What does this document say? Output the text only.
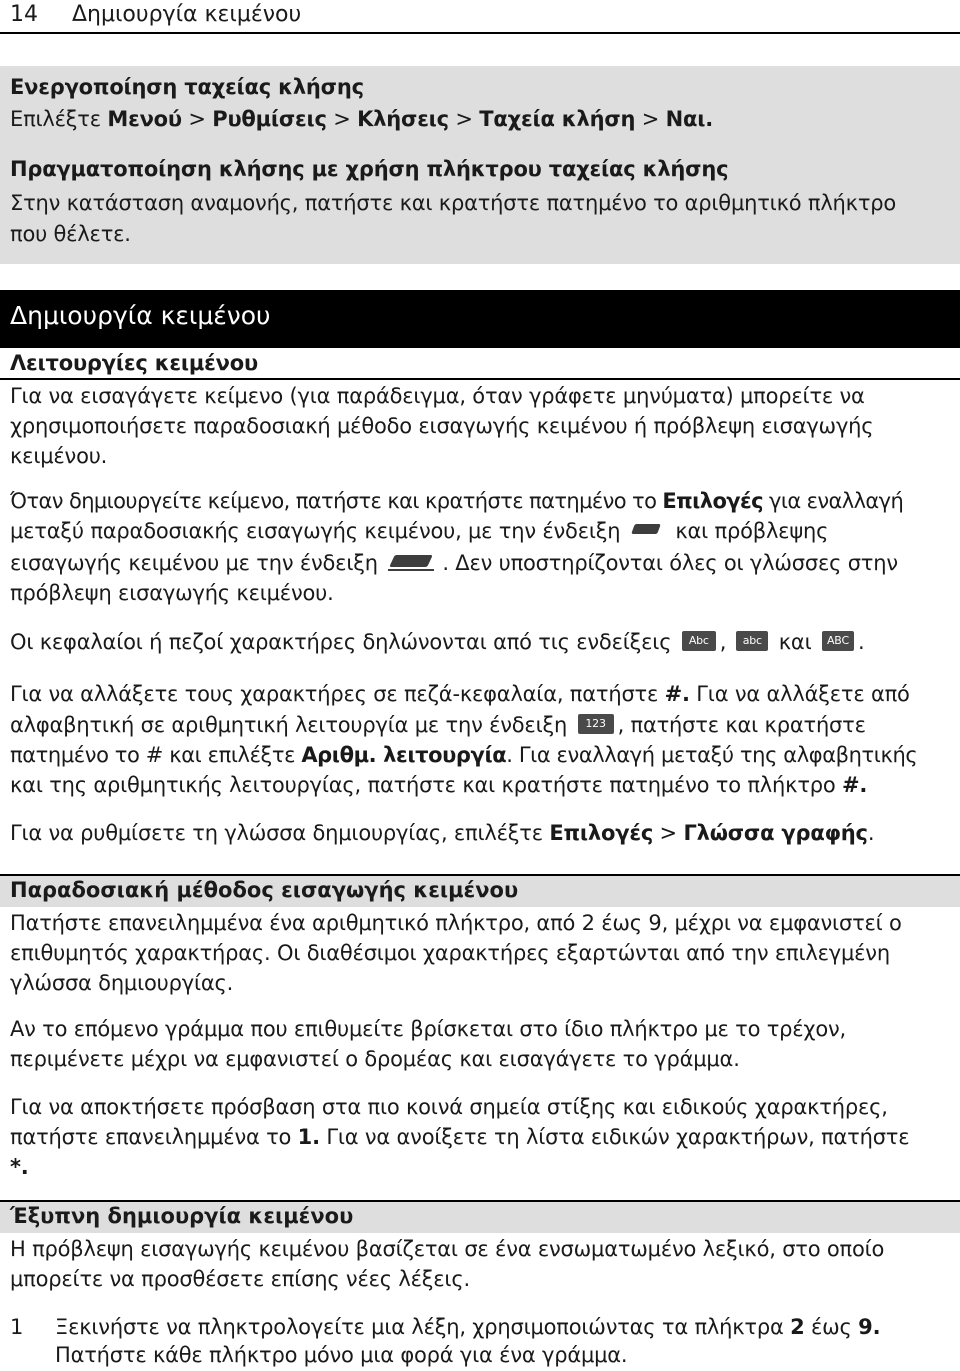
14 Δημιουργία κειμένου
Ενεργοποίηση ταχείας κλήσης
Επιλέξτε Μενού > Ρυθμίσεις > Κλήσεις > Ταχεία κλήση > Ναι.
Πραγματοποίηση κλήσης με χρήση πλήκτρου ταχείας κλήσης
Στην κατάσταση αναμονής, πατήστε και κρατήστε πατημένο το αριθμητικό πλήκτρο
που θέλετε.
Δημιουργία κειμένου
Λειτουργίες κειμένου
Για να εισαγάγετε κείμενο (για παράδειγμα, όταν γράφετε μηνύματα) μπορείτε να
χρησιμοποιήσετε παραδοσιακή μέθοδο εισαγωγής κειμένου ή πρόβλεψη εισαγωγής
κειμένου.
Όταν δημιουργείτε κείμενο, πατήστε και κρατήστε πατημένο το Επιλογές για εναλλαγή
μεταξύ παραδοσιακής εισαγωγής κειμένου, με την ένδειξη  και πρόβλεψης
εισαγωγής κειμένου με την ένδειξη	. Δεν υποστηρίζονται όλες οι γλώσσες στην
πρόβλεψη εισαγωγής κειμένου.
Οι κεφαλαίοι ή πεζοί χαρακτήρες δηλώνονται από τις ενδείξεις Abc , abc και ABC .
Για να αλλάξετε τους χαρακτήρες σε πεζά-κεφαλαία, πατήστε #. Για να αλλάξετε από
αλφαβητική σε αριθμητική λειτουργία με την ένδειξη 123 , πατήστε και κρατήστε
πατημένο το # και επιλέξτε Αριθμ. λειτουργία. Για εναλλαγή μεταξύ της αλφαβητικής
και της αριθμητικής λειτουργίας, πατήστε και κρατήστε πατημένο το πλήκτρο #.
Για να ρυθμίσετε τη γλώσσα δημιουργίας, επιλέξτε Επιλογές > Γλώσσα γραφής.
Παραδοσιακή μέθοδος εισαγωγής κειμένου
Πατήστε επανειλημμένα ένα αριθμητικό πλήκτρο, από 2 έως 9, μέχρι να εμφανιστεί ο
επιθυμητός χαρακτήρας. Οι διαθέσιμοι χαρακτήρες εξαρτώνται από την επιλεγμένη
γλώσσα δημιουργίας.
Αν το επόμενο γράμμα που επιθυμείτε βρίσκεται στο ίδιο πλήκτρο με το τρέχον,
περιμένετε μέχρι να εμφανιστεί ο δρομέας και εισαγάγετε το γράμμα.
Για να αποκτήσετε πρόσβαση στα πιο κοινά σημεία στίξης και ειδικούς χαρακτήρες,
πατήστε επανειλημμένα το 1. Για να ανοίξετε τη λίστα ειδικών χαρακτήρων, πατήστε
*.
Έξυπνη δημιουργία κειμένου
Η πρόβλεψη εισαγωγής κειμένου βασίζεται σε ένα ενσωματωμένο λεξικό, στο οποίο
μπορείτε να προσθέσετε επίσης νέες λέξεις.
1 Ξεκινήστε να πληκτρολογείτε μια λέξη, χρησιμοποιώντας τα πλήκτρα 2 έως 9.
Πατήστε κάθε πλήκτρο μόνο μια φορά για ένα γράμμα.
